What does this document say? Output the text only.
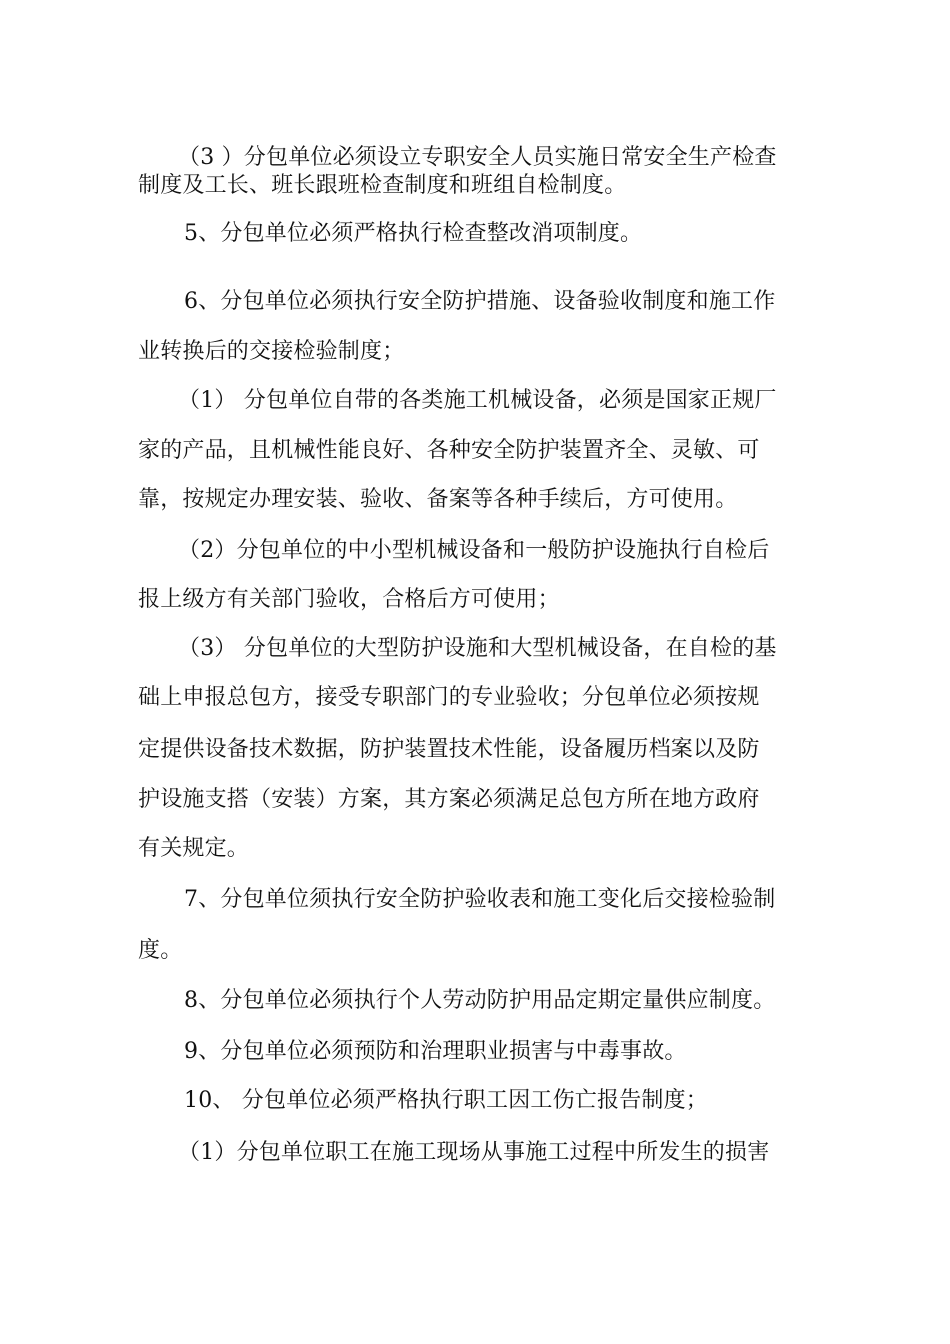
（3 ）分包单位必须设立专职安全人员实施日常安全生产检查
制度及工长、班长跟班检查制度和班组自检制度。
5、分包单位必须严格执行检查整改消项制度。
6、分包单位必须执行安全防护措施、设备验收制度和施工作
业转换后的交接检验制度；
（1） 分包单位自带的各类施工机械设备，必须是国家正规厂
家的产品，且机械性能良好、各种安全防护装置齐全、灵敏、可
靠，按规定办理安装、验收、备案等各种手续后，方可使用。
（2）分包单位的中小型机械设备和一般防护设施执行自检后
报上级方有关部门验收，合格后方可使用；
（3） 分包单位的大型防护设施和大型机械设备，在自检的基
础上申报总包方，接受专职部门的专业验收；分包单位必须按规
定提供设备技术数据，防护装置技术性能，设备履历档案以及防
护设施支搭（安装）方案，其方案必须满足总包方所在地方政府
有关规定。
7、分包单位须执行安全防护验收表和施工变化后交接检验制
度。
8、分包单位必须执行个人劳动防护用品定期定量供应制度。
9、分包单位必须预防和治理职业损害与中毒事故。
10、 分包单位必须严格执行职工因工伤亡报告制度；
（1）分包单位职工在施工现场从事施工过程中所发生的损害
